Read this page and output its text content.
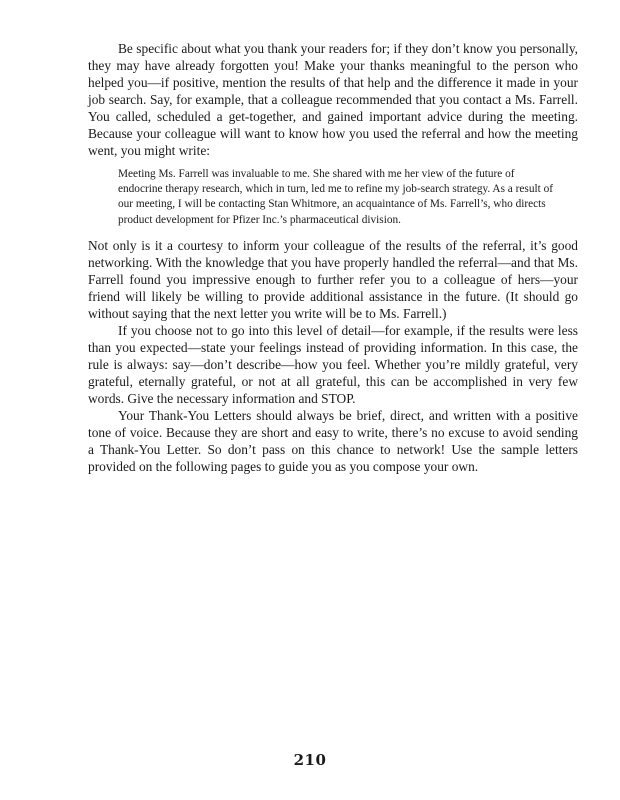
Be specific about what you thank your readers for; if they don’t know you personally, they may have already forgotten you! Make your thanks meaningful to the person who helped you—if positive, mention the results of that help and the difference it made in your job search. Say, for example, that a colleague recommended that you contact a Ms. Farrell. You called, scheduled a get-together, and gained important advice during the meeting. Because your colleague will want to know how you used the referral and how the meeting went, you might write:

Meeting Ms. Farrell was invaluable to me. She shared with me her view of the future of endocrine therapy research, which in turn, led me to refine my job-search strategy. As a result of our meeting, I will be contacting Stan Whitmore, an acquaintance of Ms. Farrell’s, who directs product development for Pfizer Inc.’s pharmaceutical division.

Not only is it a courtesy to inform your colleague of the results of the referral, it’s good networking. With the knowledge that you have properly handled the referral—and that Ms. Farrell found you impressive enough to further refer you to a colleague of hers—your friend will likely be willing to provide additional assistance in the future. (It should go without saying that the next letter you write will be to Ms. Farrell.)

If you choose not to go into this level of detail—for example, if the results were less than you expected—state your feelings instead of providing information. In this case, the rule is always: say—don’t describe—how you feel. Whether you’re mildly grateful, very grateful, eternally grateful, or not at all grateful, this can be accomplished in very few words. Give the necessary information and STOP.

Your Thank-You Letters should always be brief, direct, and written with a positive tone of voice. Because they are short and easy to write, there’s no excuse to avoid sending a Thank-You Letter. So don’t pass on this chance to network! Use the sample letters provided on the following pages to guide you as you compose your own.

210
